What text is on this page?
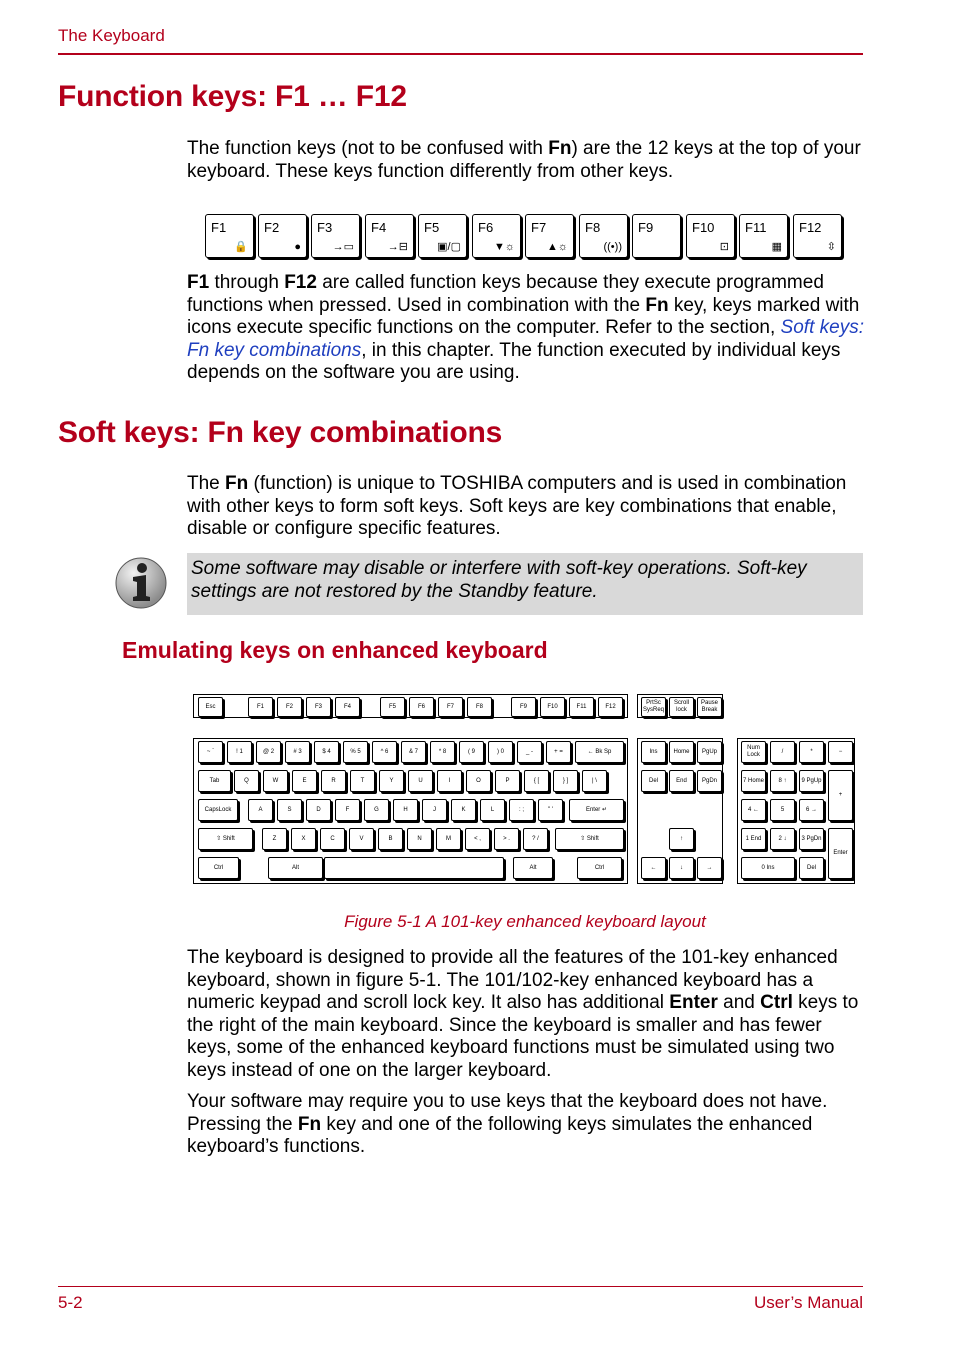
The Keyboard
Function keys: F1 … F12

The function keys (not to be confused with Fn) are the 12 keys at the top of your keyboard. These keys function differently from other keys.

F1
🔒
F2
●
F3
→▭
F4
→⊟
F5
▣/▢
F6
▼☼
F7
▲☼
F8
((•))
F9	F10
⊡
F11
▦
F12
⇳

F1 through F12 are called function keys because they execute programmed functions when pressed. Used in combination with the Fn key, keys marked with icons execute specific functions on the computer. Refer to the section, Soft keys: Fn key combinations, in this chapter. The function executed by individual keys depends on the software you are using.

Soft keys: Fn key combinations

The Fn (function) is unique to TOSHIBA computers and is used in combination with other keys to form soft keys. Soft keys are key combinations that enable, disable or configure specific features.

Some software may disable or interfere with soft-key operations. Soft-key settings are not restored by the Standby feature.

Emulating keys on enhanced keyboard
Esc	F1	F2	F3	F4	F5	F6	F7	F8	F9	F10	F11	F12
PrtSc SysReq
Scroll lock
Pause Break
~ `	! 1	@ 2	# 3	$ 4	% 5	^ 6	& 7	* 8	( 9	) 0	_ -	+ =	← Bk Sp
Tab	Q	W	E	R	T	Y	U	I	O	P	{ [	} ]	| \
CapsLock	A	S	D	F	G	H	J	K	L	: ;	" '	Enter ↵
⇧ Shift	Z	X	C	V	B	N	M	< ,	> .	? /	⇧ Shift
Ctrl	Alt	Alt	Ctrl
Ins	Home	PgUp
Del	End	PgDn
↑
←	↓	→
Num Lock
/	*	−
7 Home	8 ↑	9 PgUp
+
4 ←	5	6 →
1 End	2 ↓	3 PgDn
Enter
0 Ins	Del
Figure 5-1 A 101-key enhanced keyboard layout

The keyboard is designed to provide all the features of the 101-key enhanced keyboard, shown in figure 5-1. The 101/102-key enhanced keyboard has a numeric keypad and scroll lock key. It also has additional Enter and Ctrl keys to the right of the main keyboard. Since the keyboard is smaller and has fewer keys, some of the enhanced keyboard functions must be simulated using two keys instead of one on the larger keyboard.

Your software may require you to use keys that the keyboard does not have. Pressing the Fn key and one of the following keys simulates the enhanced keyboard’s functions.

5-2	User’s Manual
